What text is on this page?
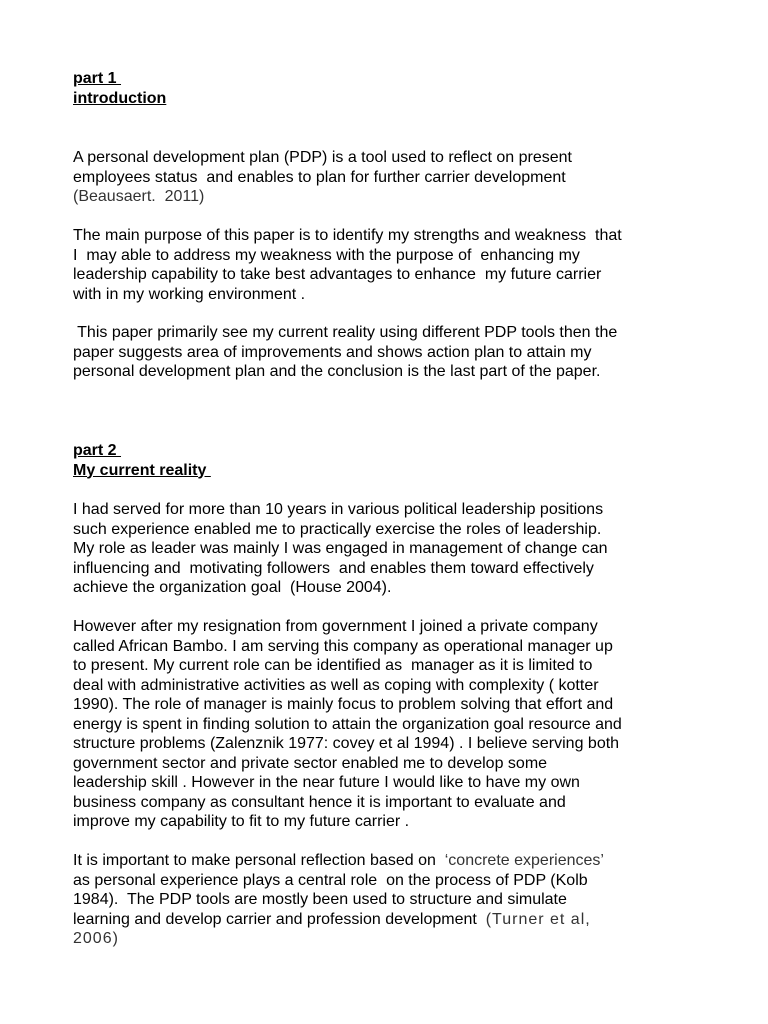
part 1
introduction
A personal development plan (PDP) is a tool used to reflect on present
employees status  and enables to plan for further carrier development
(Beausaert.  2011)
The main purpose of this paper is to identify my strengths and weakness  that
I  may able to address my weakness with the purpose of  enhancing my
leadership capability to take best advantages to enhance  my future carrier
with in my working environment .
This paper primarily see my current reality using different PDP tools then the
paper suggests area of improvements and shows action plan to attain my
personal development plan and the conclusion is the last part of the paper.
part 2
My current reality
I had served for more than 10 years in various political leadership positions
such experience enabled me to practically exercise the roles of leadership.
My role as leader was mainly I was engaged in management of change can
influencing and  motivating followers  and enables them toward effectively
achieve the organization goal  (House 2004).
However after my resignation from government I joined a private company
called African Bambo. I am serving this company as operational manager up
to present. My current role can be identified as  manager as it is limited to
deal with administrative activities as well as coping with complexity ( kotter
1990). The role of manager is mainly focus to problem solving that effort and
energy is spent in finding solution to attain the organization goal resource and
structure problems (Zalenznik 1977: covey et al 1994) . I believe serving both
government sector and private sector enabled me to develop some
leadership skill . However in the near future I would like to have my own
business company as consultant hence it is important to evaluate and
improve my capability to fit to my future carrier .
It is important to make personal reflection based on  ‘concrete experiences’
as personal experience plays a central role  on the process of PDP (Kolb
1984).  The PDP tools are mostly been used to structure and simulate
learning and develop carrier and profession development  (Turner et al,
2006)
